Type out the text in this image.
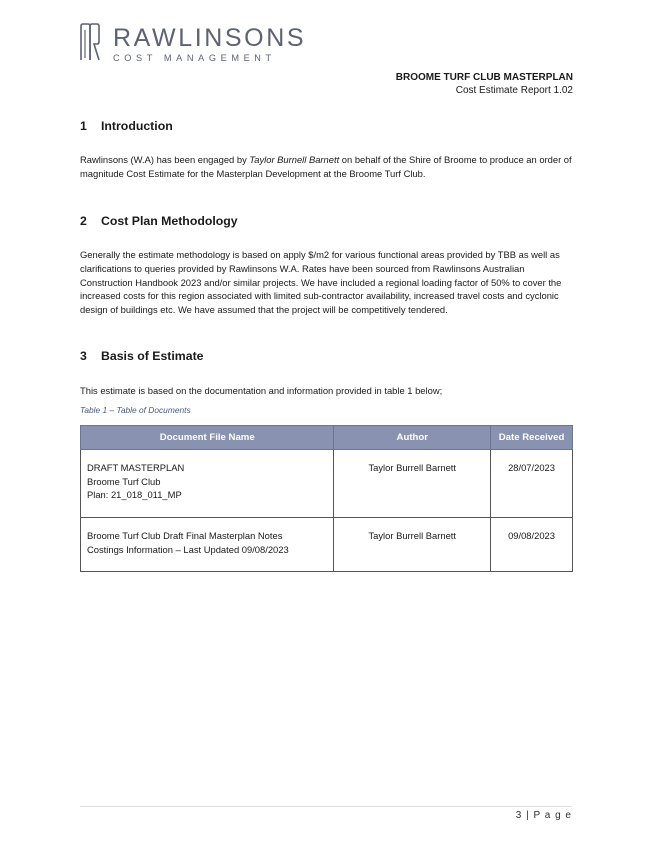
RAWLINSONS
COST MANAGEMENT
BROOME TURF CLUB MASTERPLAN
Cost Estimate Report 1.02
1 Introduction
Rawlinsons (W.A) has been engaged by Taylor Burnell Barnett on behalf of the Shire of Broome to produce an order of magnitude Cost Estimate for the Masterplan Development at the Broome Turf Club.
2 Cost Plan Methodology
Generally the estimate methodology is based on apply $/m2 for various functional areas provided by TBB as well as clarifications to queries provided by Rawlinsons W.A. Rates have been sourced from Rawlinsons Australian Construction Handbook 2023 and/or similar projects. We have included a regional loading factor of 50% to cover the increased costs for this region associated with limited sub-contractor availability, increased travel costs and cyclonic design of buildings etc. We have assumed that the project will be competitively tendered.
3 Basis of Estimate
This estimate is based on the documentation and information provided in table 1 below;
Table 1 – Table of Documents
Document File Name	Author	Date Received

DRAFT MASTERPLAN
Broome Turf Club
Plan: 21_018_011_MP	Taylor Burrell Barnett	28/07/2023

Broome Turf Club Draft Final Masterplan Notes
Costings Information – Last Updated 09/08/2023	Taylor Burrell Barnett	09/08/2023
3 | P a g e
